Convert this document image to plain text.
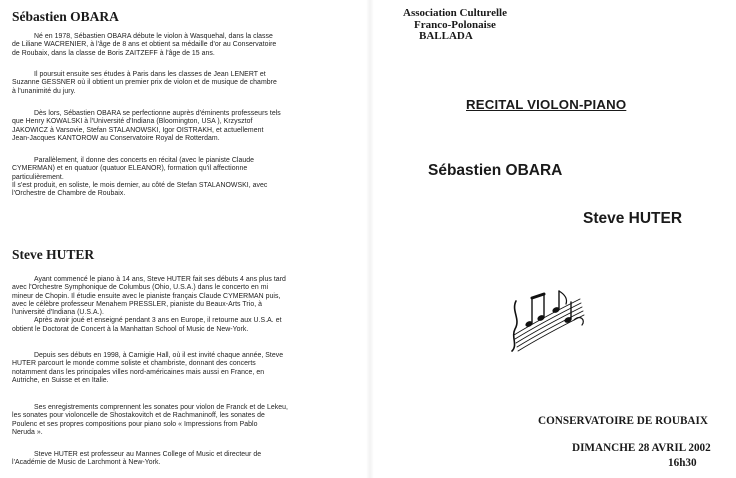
Sébastien OBARA

Né en 1978, Sébastien OBARA débute le violon à Wasquehal, dans la classe
de Liliane WACRENIER, à l'âge de 8 ans et obtient sa médaille d'or au Conservatoire
de Roubaix, dans la classe de Boris ZAITZEFF à l'âge de 15 ans.

Il poursuit ensuite ses études à Paris dans les classes de Jean LENERT et
Suzanne GESSNER où il obtient un premier prix de violon et de musique de chambre
à l'unanimité du jury.

Dès lors, Sébastien OBARA se perfectionne auprès d'éminents professeurs tels
que Henry KOWALSKI à l'Université d'Indiana (Bloomington, USA ), Krzysztof
JAKOWICZ à Varsovie, Stefan STALANOWSKI, Igor OISTRAKH, et actuellement
Jean-Jacques KANTOROW au Conservatoire Royal de Rotterdam.

Parallèlement, il donne des concerts en récital (avec le pianiste Claude
CYMERMAN) et en quatuor (quatuor ELEANOR), formation qu'il affectionne
particulièrement.
Il s'est produit, en soliste, le mois dernier, au côté de Stefan STALANOWSKI, avec
l'Orchestre de Chambre de Roubaix.

Steve HUTER

Ayant commencé le piano à 14 ans, Steve HUTER fait ses débuts 4 ans plus tard
avec l'Orchestre Symphonique de Columbus (Ohio, U.S.A.) dans le concerto en mi
mineur de Chopin. Il étudie ensuite avec le pianiste français Claude CYMERMAN puis,
avec le célèbre professeur Menahem PRESSLER, pianiste du Beaux-Arts Trio, à
l'université d'Indiana (U.S.A.).
Après avoir joué et enseigné pendant 3 ans en Europe, il retourne aux U.S.A. et
obtient le Doctorat de Concert à la Manhattan School of Music de New-York.

Depuis ses débuts en 1998, à Carnigie Hall, où il est invité chaque année, Steve
HUTER parcourt le monde comme soliste et chambriste, donnant des concerts
notamment dans les principales villes nord-américaines mais aussi en France, en
Autriche, en Suisse et en Italie.

Ses enregistrements comprennent les sonates pour violon de Franck et de Lekeu,
les sonates pour violoncelle de Shostakovitch et de Rachmaninoff, les sonates de
Poulenc et ses propres compositions pour piano solo « Impressions from Pablo
Neruda ».

Steve HUTER est professeur au Mannes College of Music et directeur de
l'Académie de Music de Larchmont à New-York.

Association Culturelle
Franco-Polonaise
BALLADA

RECITAL VIOLON-PIANO
Sébastien OBARA
Steve HUTER
CONSERVATOIRE DE ROUBAIX
DIMANCHE 28 AVRIL 2002
16h30
